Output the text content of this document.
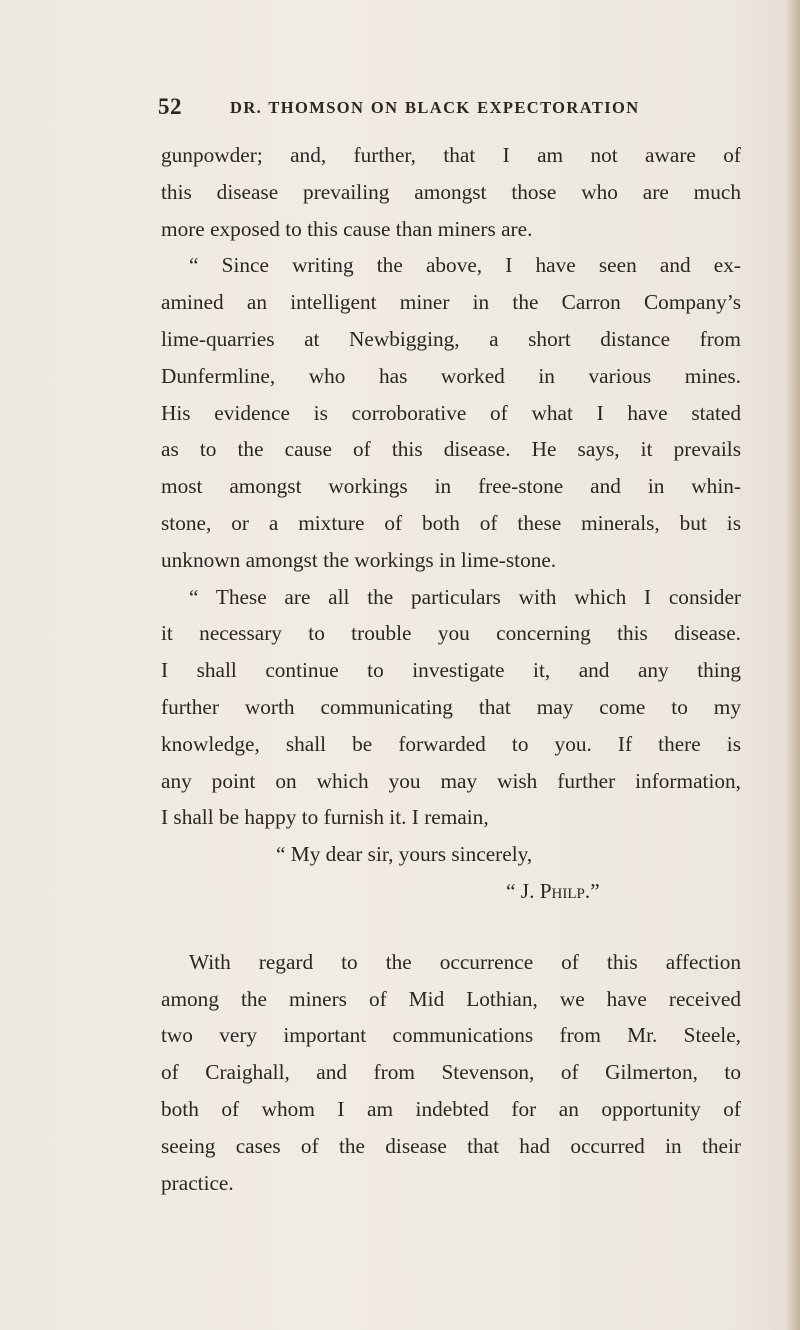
52	DR. THOMSON ON BLACK EXPECTORATION
gunpowder; and, further, that I am not aware of
this disease prevailing amongst those who are much
more exposed to this cause than miners are.
“ Since writing the above, I have seen and ex-
amined an intelligent miner in the Carron Company’s
lime-quarries at Newbigging, a short distance from
Dunfermline, who has worked in various mines.
His evidence is corroborative of what I have stated
as to the cause of this disease. He says, it prevails
most amongst workings in free-stone and in whin-
stone, or a mixture of both of these minerals, but is
unknown amongst the workings in lime-stone.
“ These are all the particulars with which I consider
it necessary to trouble you concerning this disease.
I shall continue to investigate it, and any thing
further worth communicating that may come to my
knowledge, shall be forwarded to you. If there is
any point on which you may wish further information,
I shall be happy to furnish it. I remain,
“ My dear sir, yours sincerely,
“ J. Philp.”
With regard to the occurrence of this affection
among the miners of Mid Lothian, we have received
two very important communications from Mr. Steele,
of Craighall, and from Stevenson, of Gilmerton, to
both of whom I am indebted for an opportunity of
seeing cases of the disease that had occurred in their
practice.
